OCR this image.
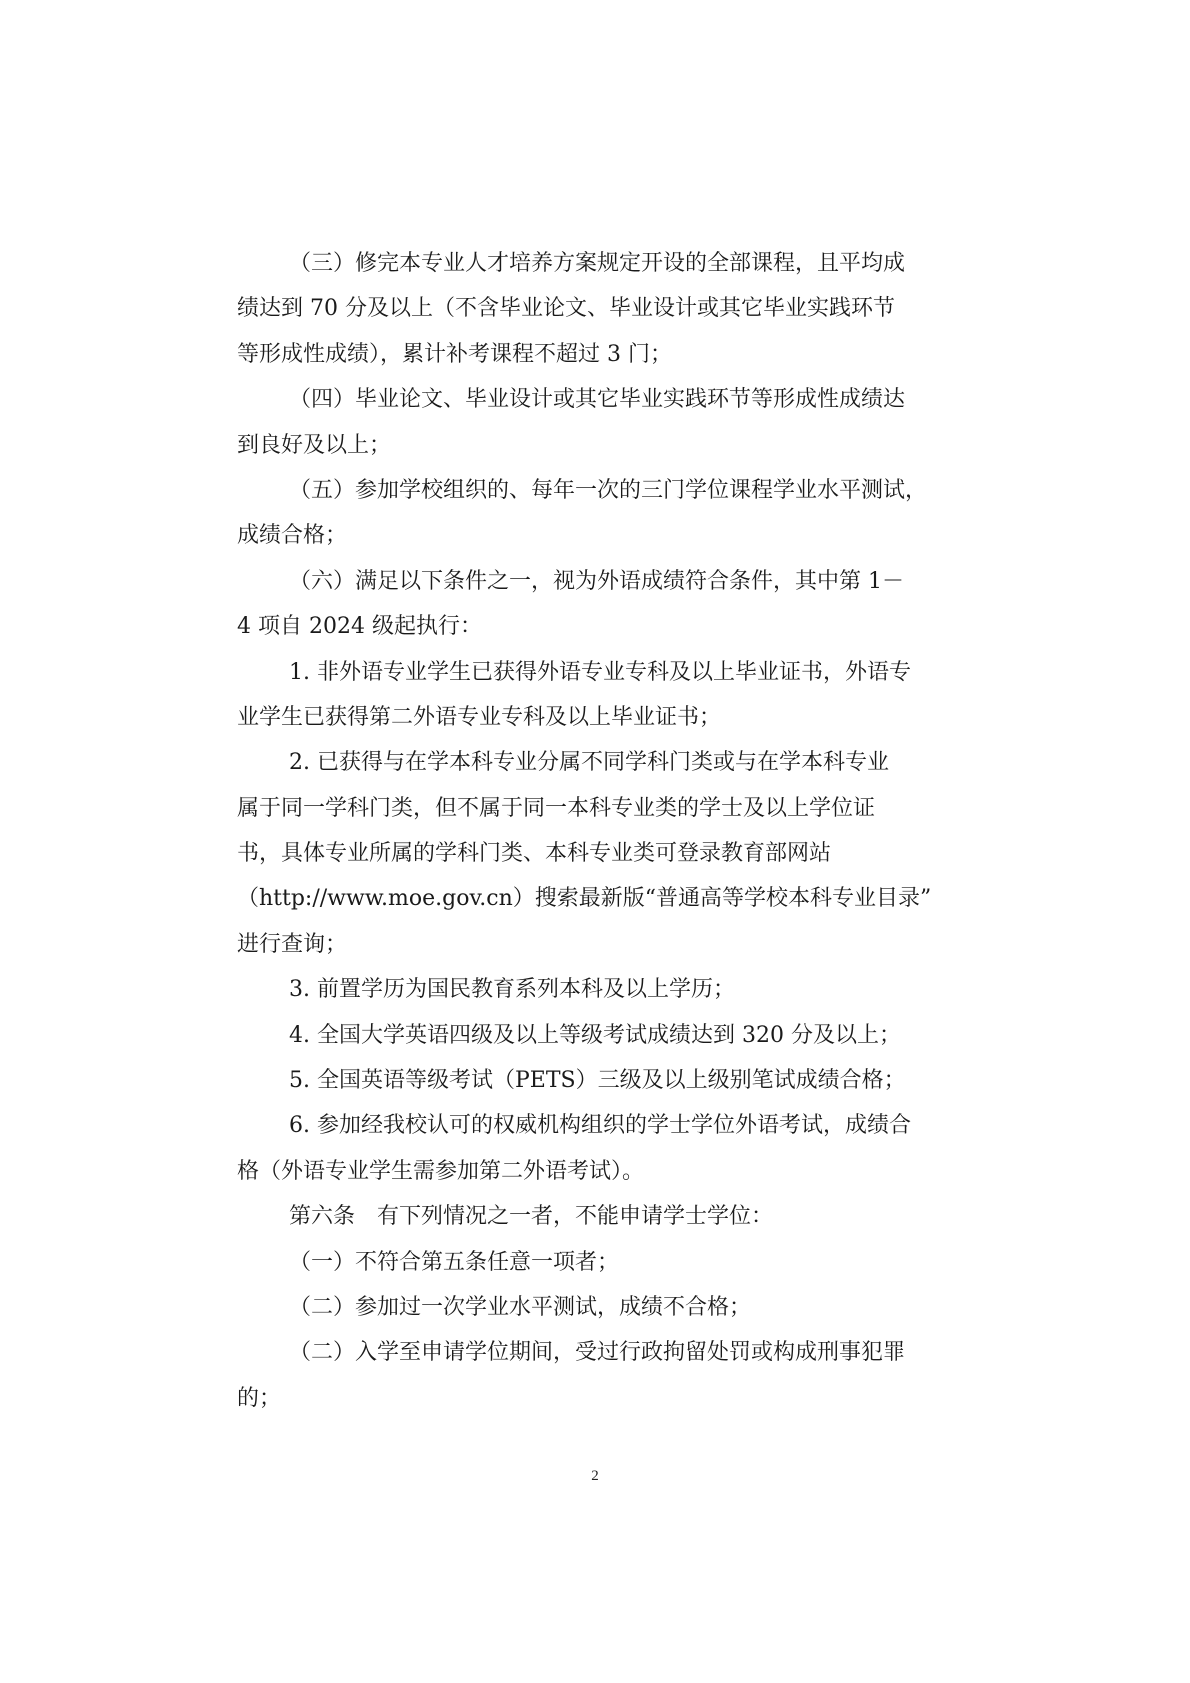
（三）修完本专业人才培养方案规定开设的全部课程，且平均成
绩达到 70 分及以上（不含毕业论文、毕业设计或其它毕业实践环节
等形成性成绩），累计补考课程不超过 3 门；
（四）毕业论文、毕业设计或其它毕业实践环节等形成性成绩达
到良好及以上；
（五）参加学校组织的、每年一次的三门学位课程学业水平测试，
成绩合格；
（六）满足以下条件之一，视为外语成绩符合条件，其中第 1－
4 项自 2024 级起执行：
1. 非外语专业学生已获得外语专业专科及以上毕业证书，外语专
业学生已获得第二外语专业专科及以上毕业证书；
2. 已获得与在学本科专业分属不同学科门类或与在学本科专业
属于同一学科门类，但不属于同一本科专业类的学士及以上学位证
书，具体专业所属的学科门类、本科专业类可登录教育部网站
（http://www.moe.gov.cn）搜索最新版“普通高等学校本科专业目录”
进行查询；
3. 前置学历为国民教育系列本科及以上学历；
4. 全国大学英语四级及以上等级考试成绩达到 320 分及以上；
5. 全国英语等级考试（PETS）三级及以上级别笔试成绩合格；
6. 参加经我校认可的权威机构组织的学士学位外语考试，成绩合
格（外语专业学生需参加第二外语考试）。
第六条　有下列情况之一者，不能申请学士学位：
（一）不符合第五条任意一项者；
（二）参加过一次学业水平测试，成绩不合格；
（二）入学至申请学位期间，受过行政拘留处罚或构成刑事犯罪
的；
2
